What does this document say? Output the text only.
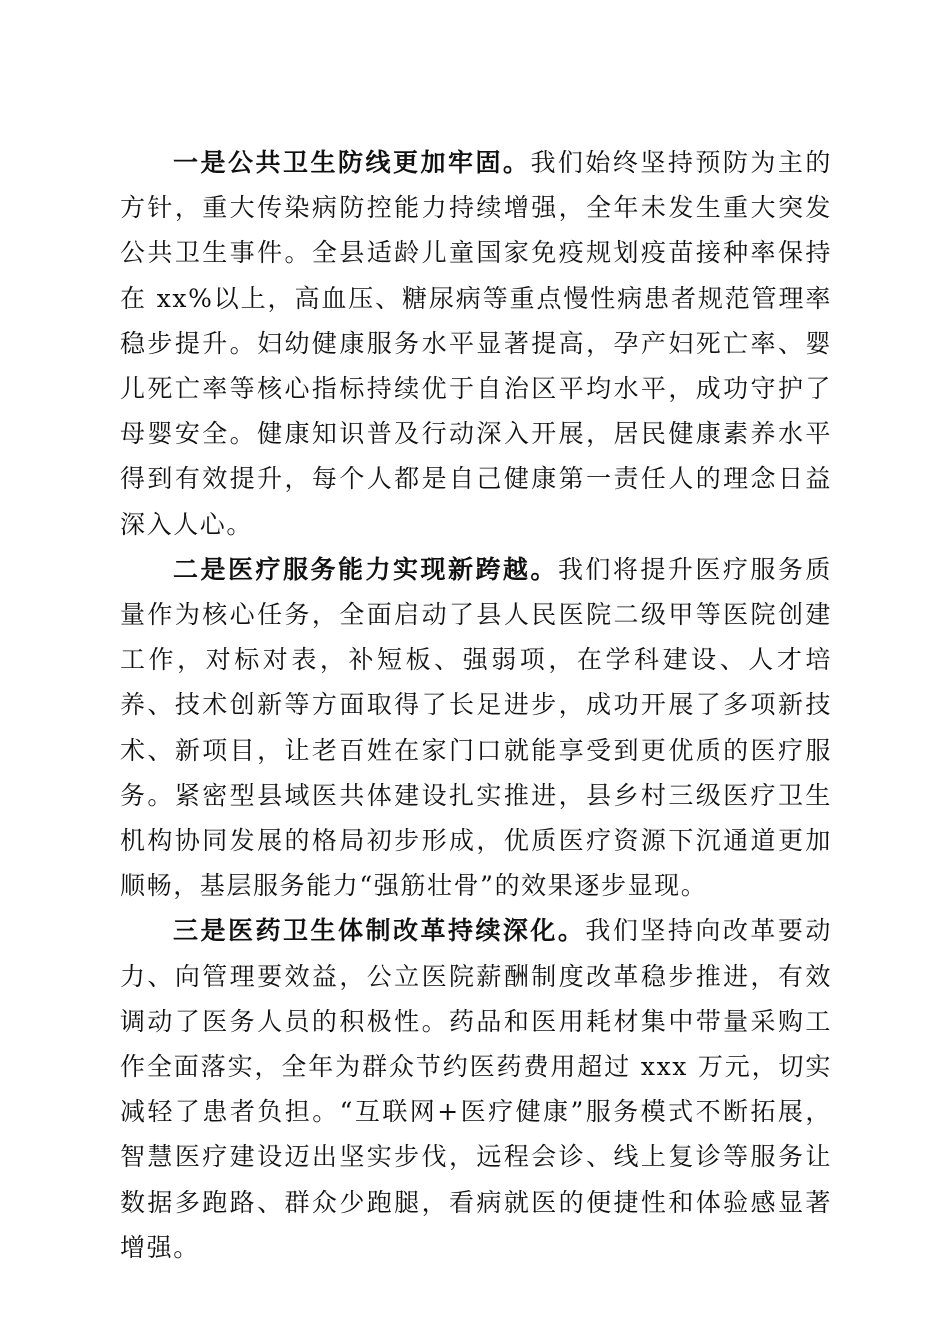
一是公共卫生防线更加牢固。我们始终坚持预防为主的方针，重大传染病防控能力持续增强，全年未发生重大突发公共卫生事件。全县适龄儿童国家免疫规划疫苗接种率保持在 xx%以上，高血压、糖尿病等重点慢性病患者规范管理率稳步提升。妇幼健康服务水平显著提高，孕产妇死亡率、婴儿死亡率等核心指标持续优于自治区平均水平，成功守护了母婴安全。健康知识普及行动深入开展，居民健康素养水平得到有效提升，每个人都是自己健康第一责任人的理念日益深入人心。

二是医疗服务能力实现新跨越。我们将提升医疗服务质量作为核心任务，全面启动了县人民医院二级甲等医院创建工作，对标对表，补短板、强弱项，在学科建设、人才培养、技术创新等方面取得了长足进步，成功开展了多项新技术、新项目，让老百姓在家门口就能享受到更优质的医疗服务。紧密型县域医共体建设扎实推进，县乡村三级医疗卫生机构协同发展的格局初步形成，优质医疗资源下沉通道更加顺畅，基层服务能力“强筋壮骨”的效果逐步显现。

三是医药卫生体制改革持续深化。我们坚持向改革要动力、向管理要效益，公立医院薪酬制度改革稳步推进，有效调动了医务人员的积极性。药品和医用耗材集中带量采购工作全面落实，全年为群众节约医药费用超过 xxx 万元，切实减轻了患者负担。“互联网+医疗健康”服务模式不断拓展，智慧医疗建设迈出坚实步伐，远程会诊、线上复诊等服务让数据多跑路、群众少跑腿，看病就医的便捷性和体验感显著增强。
